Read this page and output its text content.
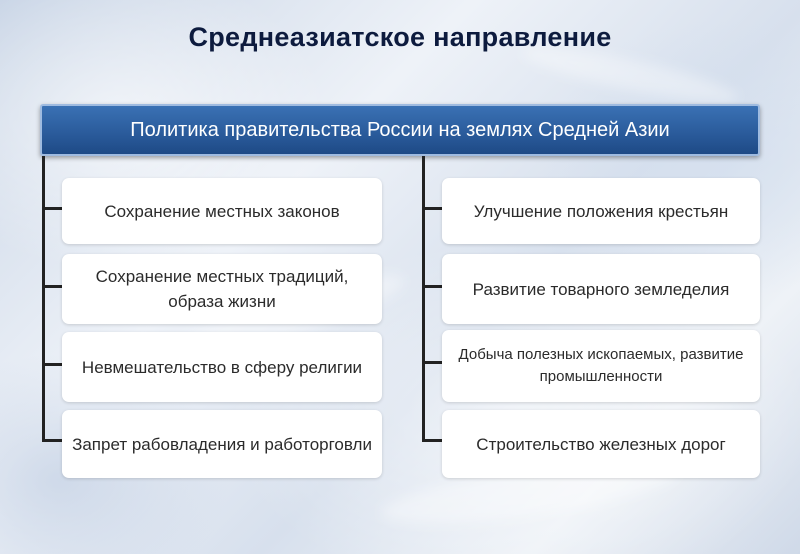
Среднеазиатское направление
Политика правительства России на землях Средней Азии
Сохранение местных законов
Сохранение местных традиций, образа жизни
Невмешательство в сферу религии
Запрет рабовладения и работорговли
Улучшение положения крестьян
Развитие товарного земледелия
Добыча полезных ископаемых, развитие промышленности
Строительство железных дорог
